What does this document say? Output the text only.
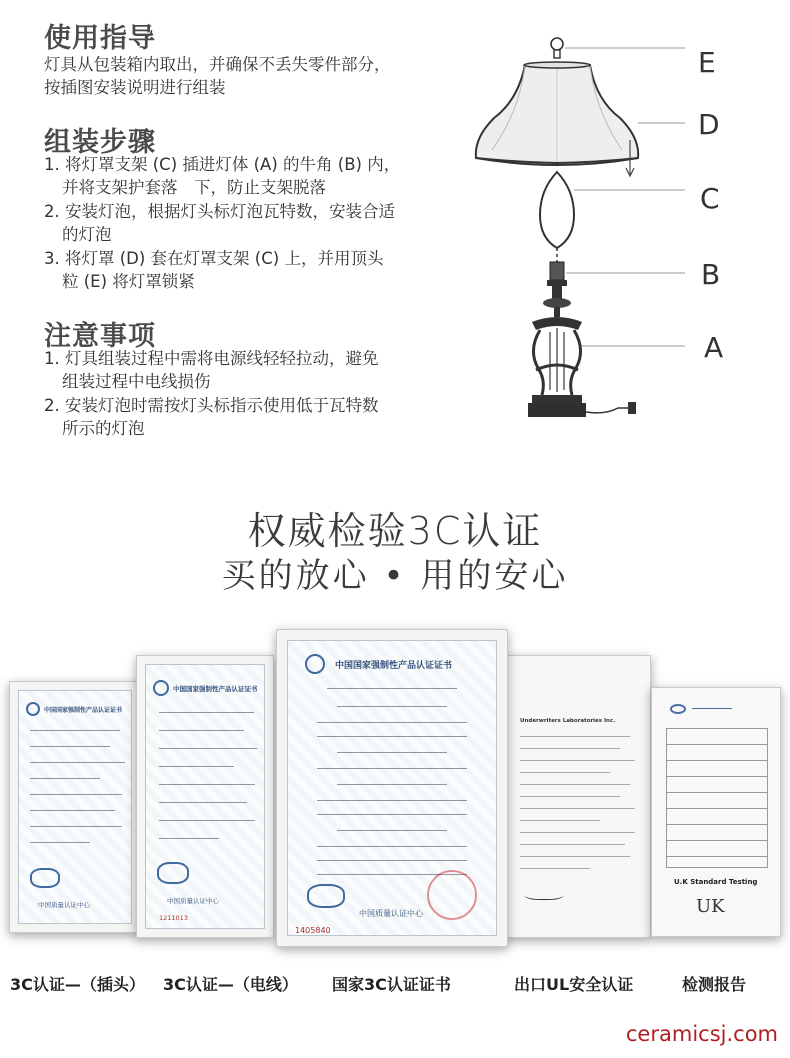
使用指导
灯具从包装箱内取出，并确保不丢失零件部分，
按插图安装说明进行组装
组装步骤
1. 将灯罩支架 (C) 插进灯体 (A) 的牛角 (B) 内，
并将支架护套落　下，防止支架脱落
2. 安装灯泡，根据灯头标灯泡瓦特数，安装合适
的灯泡
3. 将灯罩 (D) 套在灯罩支架 (C) 上，并用顶头
粒 (E) 将灯罩锁紧
注意事项
1. 灯具组装过程中需将电源线轻轻拉动，避免
组装过程中电线损伤
2. 安装灯泡时需按灯头标指示使用低于瓦特数
所示的灯泡
E
D
C
B
A
权威检验3C认证
买的放心 • 用的安心
中国国家强制性产品认证证书
中国质量认证中心
中国国家强制性产品认证证书
中国质量认证中心
1211013
中国国家强制性产品认证证书
中国质量认证中心
1405840
Underwriters Laboratories Inc.
U.K Standard Testing
UK
3C认证—（插头） 3C认证—（电线） 国家3C认证证书	出口UL安全认证	检测报告
ceramicsj.com
